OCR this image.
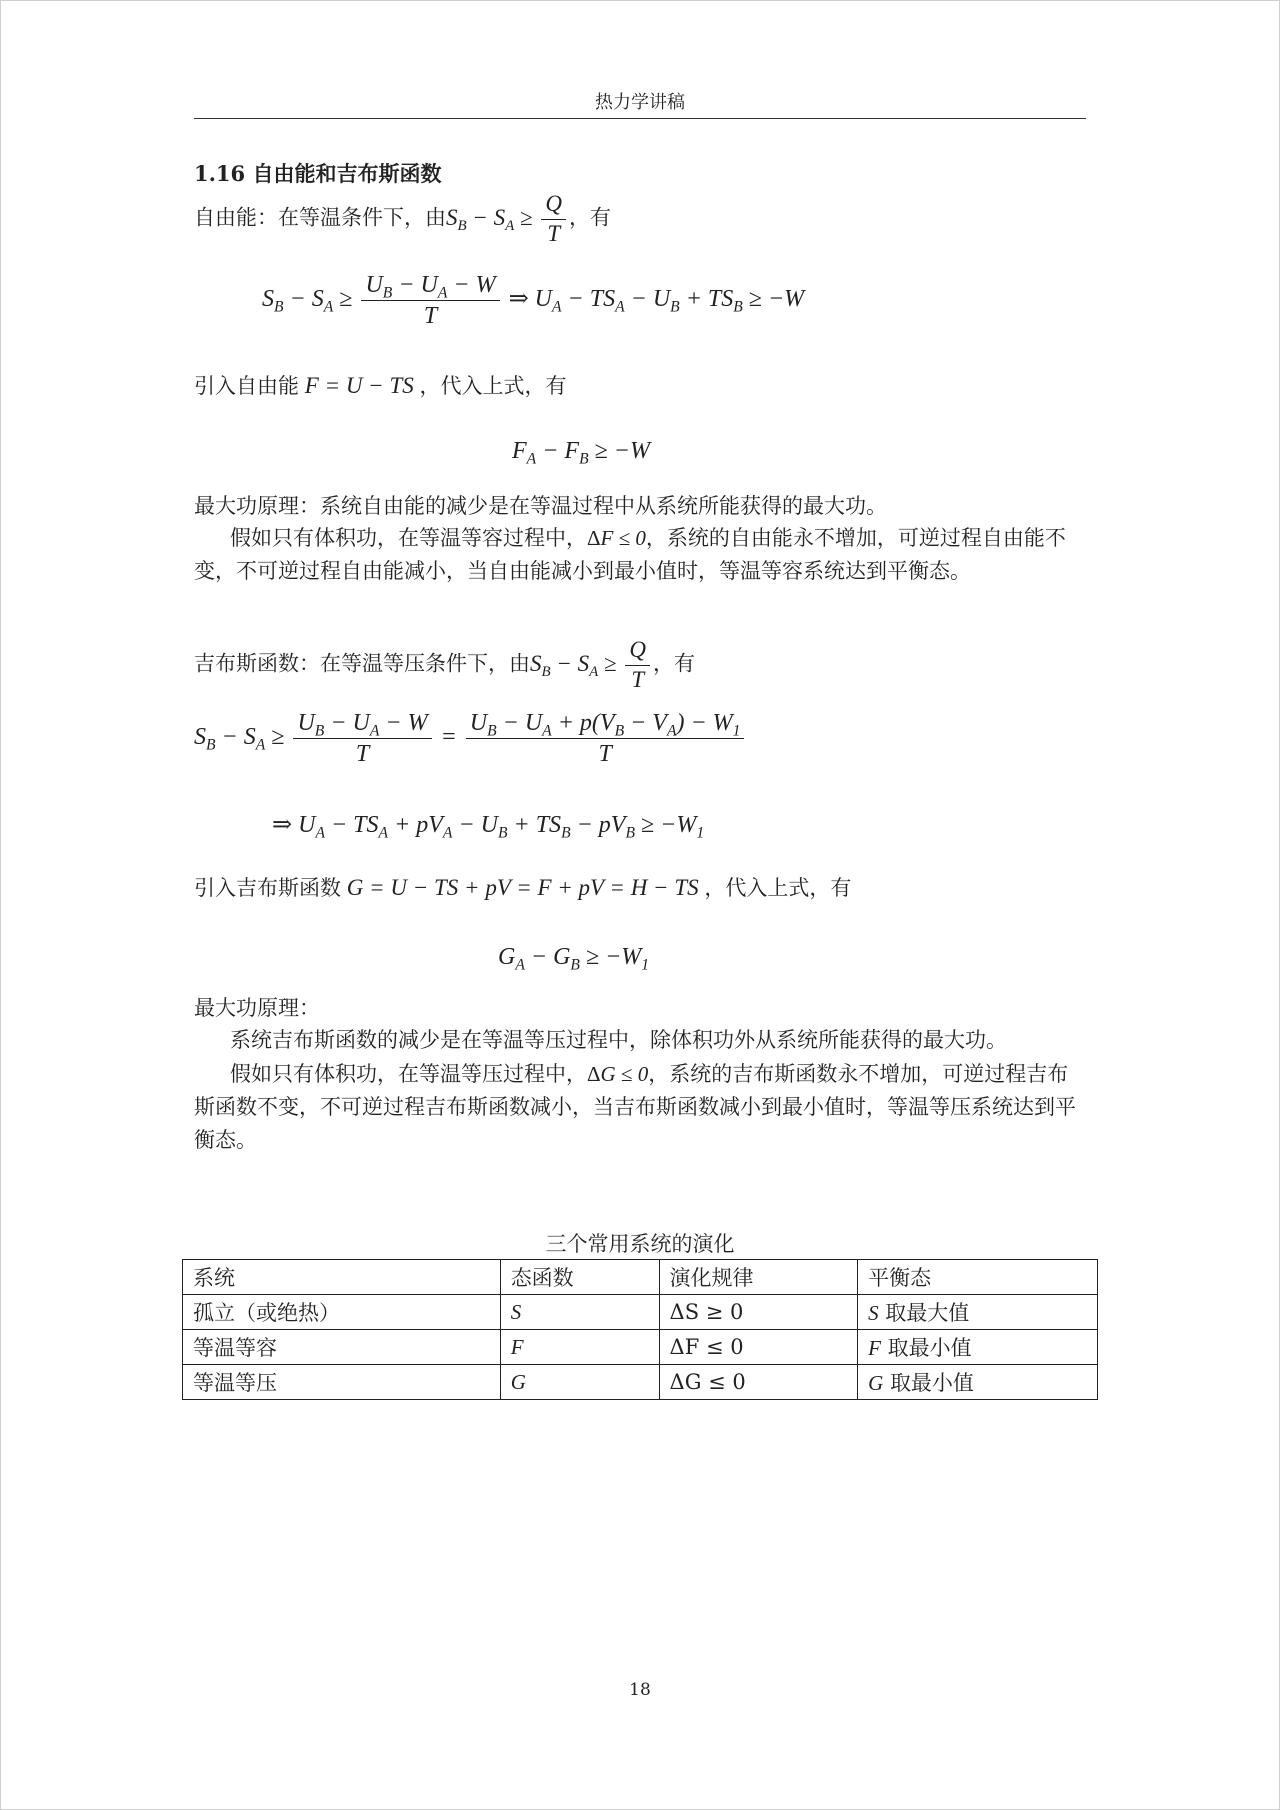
热力学讲稿
1.16 自由能和吉布斯函数
自由能：在等温条件下，由$S_B - S_A \ge \frac{Q}{T}$ ，有
$S_B - S_A \ge \frac{U_B - U_A - W}{T}$ ⇒ $U_A - TS_A - U_B + TS_B \ge -W$
引入自由能 F = U − TS ，代入上式，有
$F_A - F_B \ge -W$
最大功原理：系统自由能的减少是在等温过程中从系统所能获得的最大功。
假如只有体积功，在等温等容过程中，ΔF ≤ 0，系统的自由能永不增加，可逆过程自由能不变，不可逆过程自由能减小，当自由能减小到最小值时，等温等容系统达到平衡态。
吉布斯函数：在等温等压条件下，由$S_B - S_A \ge \frac{Q}{T}$ ，有
$S_B - S_A \ge \frac{U_B - U_A - W}{T} = \frac{U_B - U_A + p(V_B - V_A) - W_1}{T}$
⇒ $U_A - TS_A + pV_A - U_B + TS_B - pV_B \ge -W_1$
引入吉布斯函数 G = U − TS + pV = F + pV = H − TS ，代入上式，有
$G_A - G_B \ge -W_1$
最大功原理：
系统吉布斯函数的减少是在等温等压过程中，除体积功外从系统所能获得的最大功。
假如只有体积功，在等温等压过程中，ΔG ≤ 0，系统的吉布斯函数永不增加，可逆过程吉布斯函数不变，不可逆过程吉布斯函数减小，当吉布斯函数减小到最小值时，等温等压系统达到平衡态。
三个常用系统的演化
系统	态函数	演化规律	平衡态
孤立（或绝热）	S	ΔS ≥ 0	S 取最大值
等温等容	F	ΔF ≤ 0	F 取最小值
等温等压	G	ΔG ≤ 0	G 取最小值
18
